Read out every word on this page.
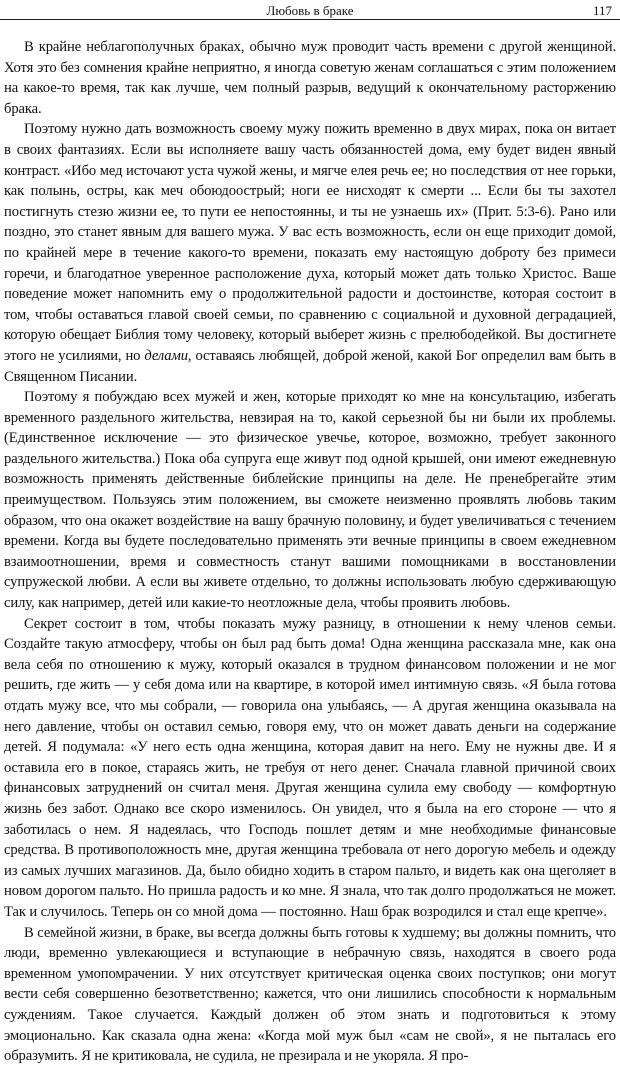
Любовь в браке	117

В крайне неблагополучных браках, обычно муж проводит часть времени с другой женщиной. Хотя это без сомнения крайне неприятно, я иногда советую женам соглашаться с этим положением на какое-то время, так как лучше, чем полный разрыв, ведущий к окончательному расторжению брака.

Поэтому нужно дать возможность своему мужу пожить временно в двух мирах, пока он витает в своих фантазиях. Если вы исполняете вашу часть обязанностей дома, ему будет виден явный контраст. «Ибо мед источают уста чужой жены, и мягче елея речь ее; но последствия от нее горьки, как полынь, остры, как меч обоюдоострый; ноги ее нисходят к смерти ... Если бы ты захотел постигнуть стезю жизни ее, то пути ее непостоянны, и ты не узнаешь их» (Прит. 5:3-6). Рано или поздно, это станет явным для вашего мужа. У вас есть возможность, если он еще приходит домой, по крайней мере в течение какого-то времени, показать ему настоящую доброту без примеси горечи, и благодатное уверенное расположение духа, который может дать только Христос. Ваше поведение может напомнить ему о продолжительной радости и достоинстве, которая состоит в том, чтобы оставаться главой своей семьи, по сравнению с социальной и духовной деградацией, которую обещает Библия тому человеку, который выберет жизнь с прелюбодейкой. Вы достигнете этого не усилиями, но делами, оставаясь любящей, доброй женой, какой Бог определил вам быть в Священном Писании.

Поэтому я побуждаю всех мужей и жен, которые приходят ко мне на консультацию, избегать временного раздельного жительства, невзирая на то, какой серьезной бы ни были их проблемы. (Единственное исключение — это физическое увечье, которое, возможно, требует законного раздельного жительства.) Пока оба супруга еще живут под одной крышей, они имеют ежедневную возможность применять действенные библейские принципы на деле. Не пренебрегайте этим преимуществом. Пользуясь этим положением, вы сможете неизменно проявлять любовь таким образом, что она окажет воздействие на вашу брачную половину, и будет увеличиваться с течением времени. Когда вы будете последовательно применять эти вечные принципы в своем ежедневном взаимоотношении, время и совместность станут вашими помощниками в восстановлении супружеской любви. А если вы живете отдельно, то должны использовать любую сдерживающую силу, как например, детей или какие-то неотложные дела, чтобы проявить любовь.

Секрет состоит в том, чтобы показать мужу разницу, в отношении к нему членов семьи. Создайте такую атмосферу, чтобы он был рад быть дома! Одна женщина рассказала мне, как она вела себя по отношению к мужу, который оказался в трудном финансовом положении и не мог решить, где жить — у себя дома или на квартире, в которой имел интимную связь. «Я была готова отдать мужу все, что мы собрали, — говорила она улыбаясь, — А другая женщина оказывала на него давление, чтобы он оставил семью, говоря ему, что он может давать деньги на содержание детей. Я подумала: «У него есть одна женщина, которая давит на него. Ему не нужны две. И я оставила его в покое, стараясь жить, не требуя от него денег. Сначала главной причиной своих финансовых затруднений он считал меня. Другая женщина сулила ему свободу — комфортную жизнь без забот. Однако все скоро изменилось. Он увидел, что я была на его стороне — что я заботилась о нем. Я надеялась, что Господь пошлет детям и мне необходимые финансовые средства. В противоположность мне, другая женщина требовала от него дорогую мебель и одежду из самых лучших магазинов. Да, было обидно ходить в старом пальто, и видеть как она щеголяет в новом дорогом пальто. Но пришла радость и ко мне. Я знала, что так долго продолжаться не может. Так и случилось. Теперь он со мной дома — постоянно. Наш брак возродился и стал еще крепче».

В семейной жизни, в браке, вы всегда должны быть готовы к худшему; вы должны помнить, что люди, временно увлекающиеся и вступающие в небрачную связь, находятся в своего рода временном умопомрачении. У них отсутствует критическая оценка своих поступков; они могут вести себя совершенно безответственно; кажется, что они лишились способности к нормальным суждениям. Такое случается. Каждый должен об этом знать и подготовиться к этому эмоционально. Как сказала одна жена: «Когда мой муж был «сам не свой», я не пыталась его образумить. Я не критиковала, не судила, не презирала и не укоряла. Я про-
